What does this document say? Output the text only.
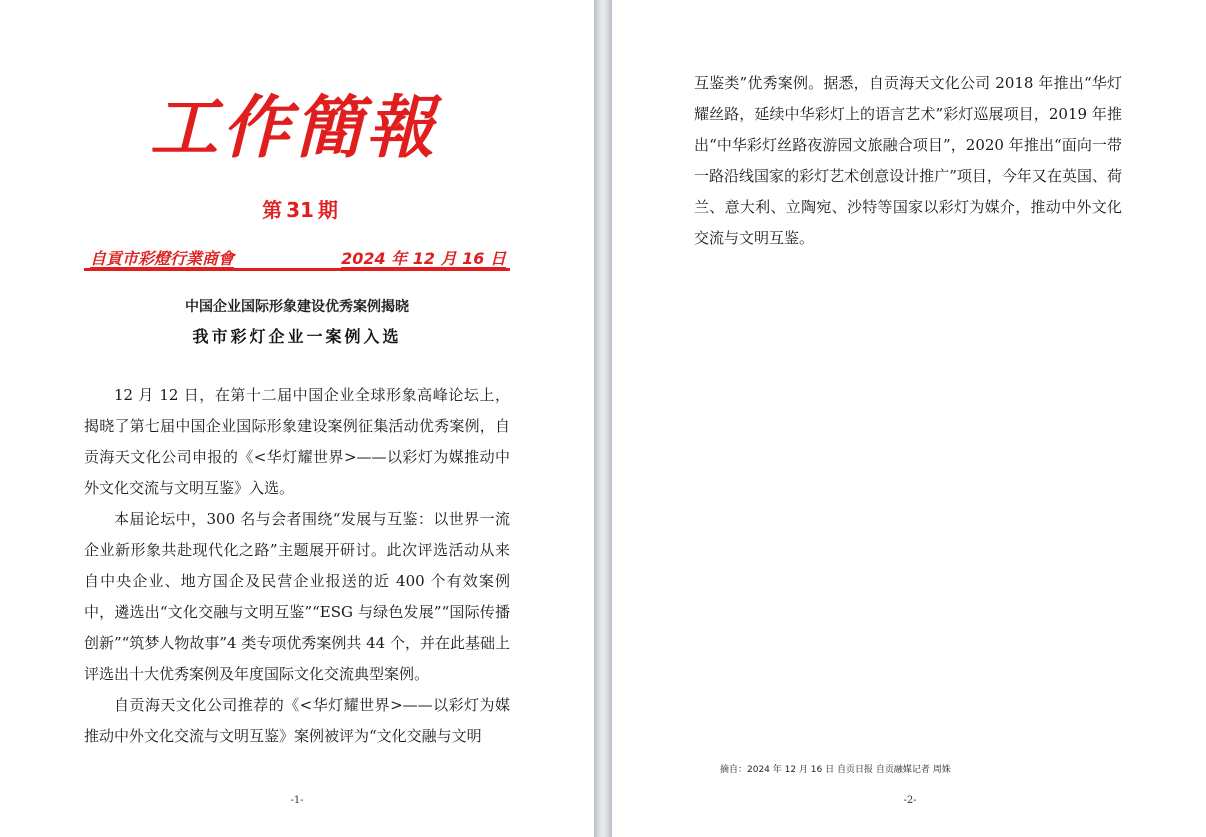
工作簡報
第 31 期
自貢市彩燈行業商會	2024 年 12 月 16 日
中国企业国际形象建设优秀案例揭晓
我市彩灯企业一案例入选

12 月 12 日，在第十二届中国企业全球形象高峰论坛上，揭晓了第七届中国企业国际形象建设案例征集活动优秀案例，自贡海天文化公司申报的《<华灯耀世界>——以彩灯为媒推动中外文化交流与文明互鉴》入选。

本届论坛中，300 名与会者围绕“发展与互鉴：以世界一流企业新形象共赴现代化之路”主题展开研讨。此次评选活动从来自中央企业、地方国企及民营企业报送的近 400 个有效案例中，遴选出“文化交融与文明互鉴”“ESG 与绿色发展”“国际传播创新”“筑梦人物故事”4 类专项优秀案例共 44 个，并在此基础上评选出十大优秀案例及年度国际文化交流典型案例。

自贡海天文化公司推荐的《<华灯耀世界>——以彩灯为媒推动中外文化交流与文明互鉴》案例被评为“文化交融与文明

-1-

互鉴类”优秀案例。据悉，自贡海天文化公司 2018 年推出“华灯耀丝路，延续中华彩灯上的语言艺术”彩灯巡展项目，2019 年推出“中华彩灯丝路夜游园文旅融合项目”，2020 年推出“面向一带一路沿线国家的彩灯艺术创意设计推广”项目，今年又在英国、荷兰、意大利、立陶宛、沙特等国家以彩灯为媒介，推动中外文化交流与文明互鉴。

摘自：2024 年 12 月 16 日 自贡日报 自贡融媒记者 周姝
-2-
